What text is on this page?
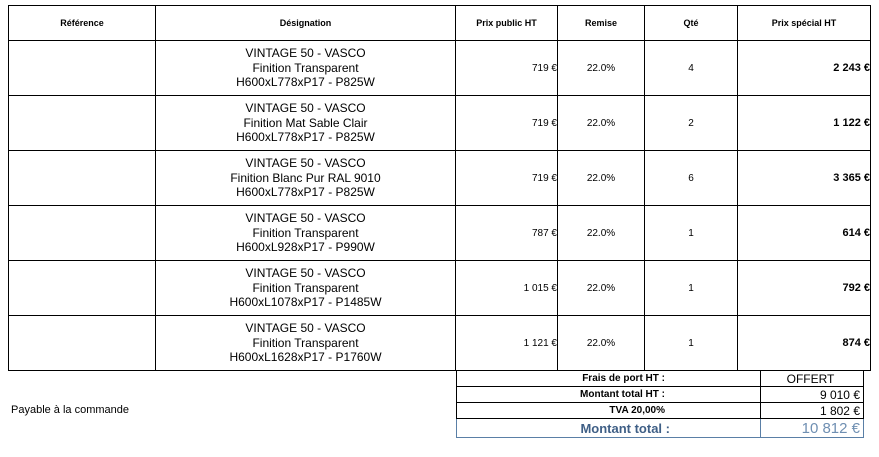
Référence	Désignation	Prix public HT	Remise	Qté	Prix spécial HT

	VINTAGE 50 - VASCO
Finition Transparent
H600xL778xP17 - P825W	719 €	22.0%	4	2 243 €

	VINTAGE 50 - VASCO
Finition Mat Sable Clair
H600xL778xP17 - P825W	719 €	22.0%	2	1 122 €

	VINTAGE 50 - VASCO
Finition Blanc Pur RAL 9010
H600xL778xP17 - P825W	719 €	22.0%	6	3 365 €

	VINTAGE 50 - VASCO
Finition Transparent
H600xL928xP17 - P990W	787 €	22.0%	1	614 €

	VINTAGE 50 - VASCO
Finition Transparent
H600xL1078xP17 - P1485W	1 015 €	22.0%	1	792 €

	VINTAGE 50 - VASCO
Finition Transparent
H600xL1628xP17 - P1760W	1 121 €	22.0%	1	874 €
Frais de port HT :	OFFERT
Montant total HT :	9 010 €
TVA 20,00%	1 802 €
Montant total :	10 812 €
Payable à la commande
